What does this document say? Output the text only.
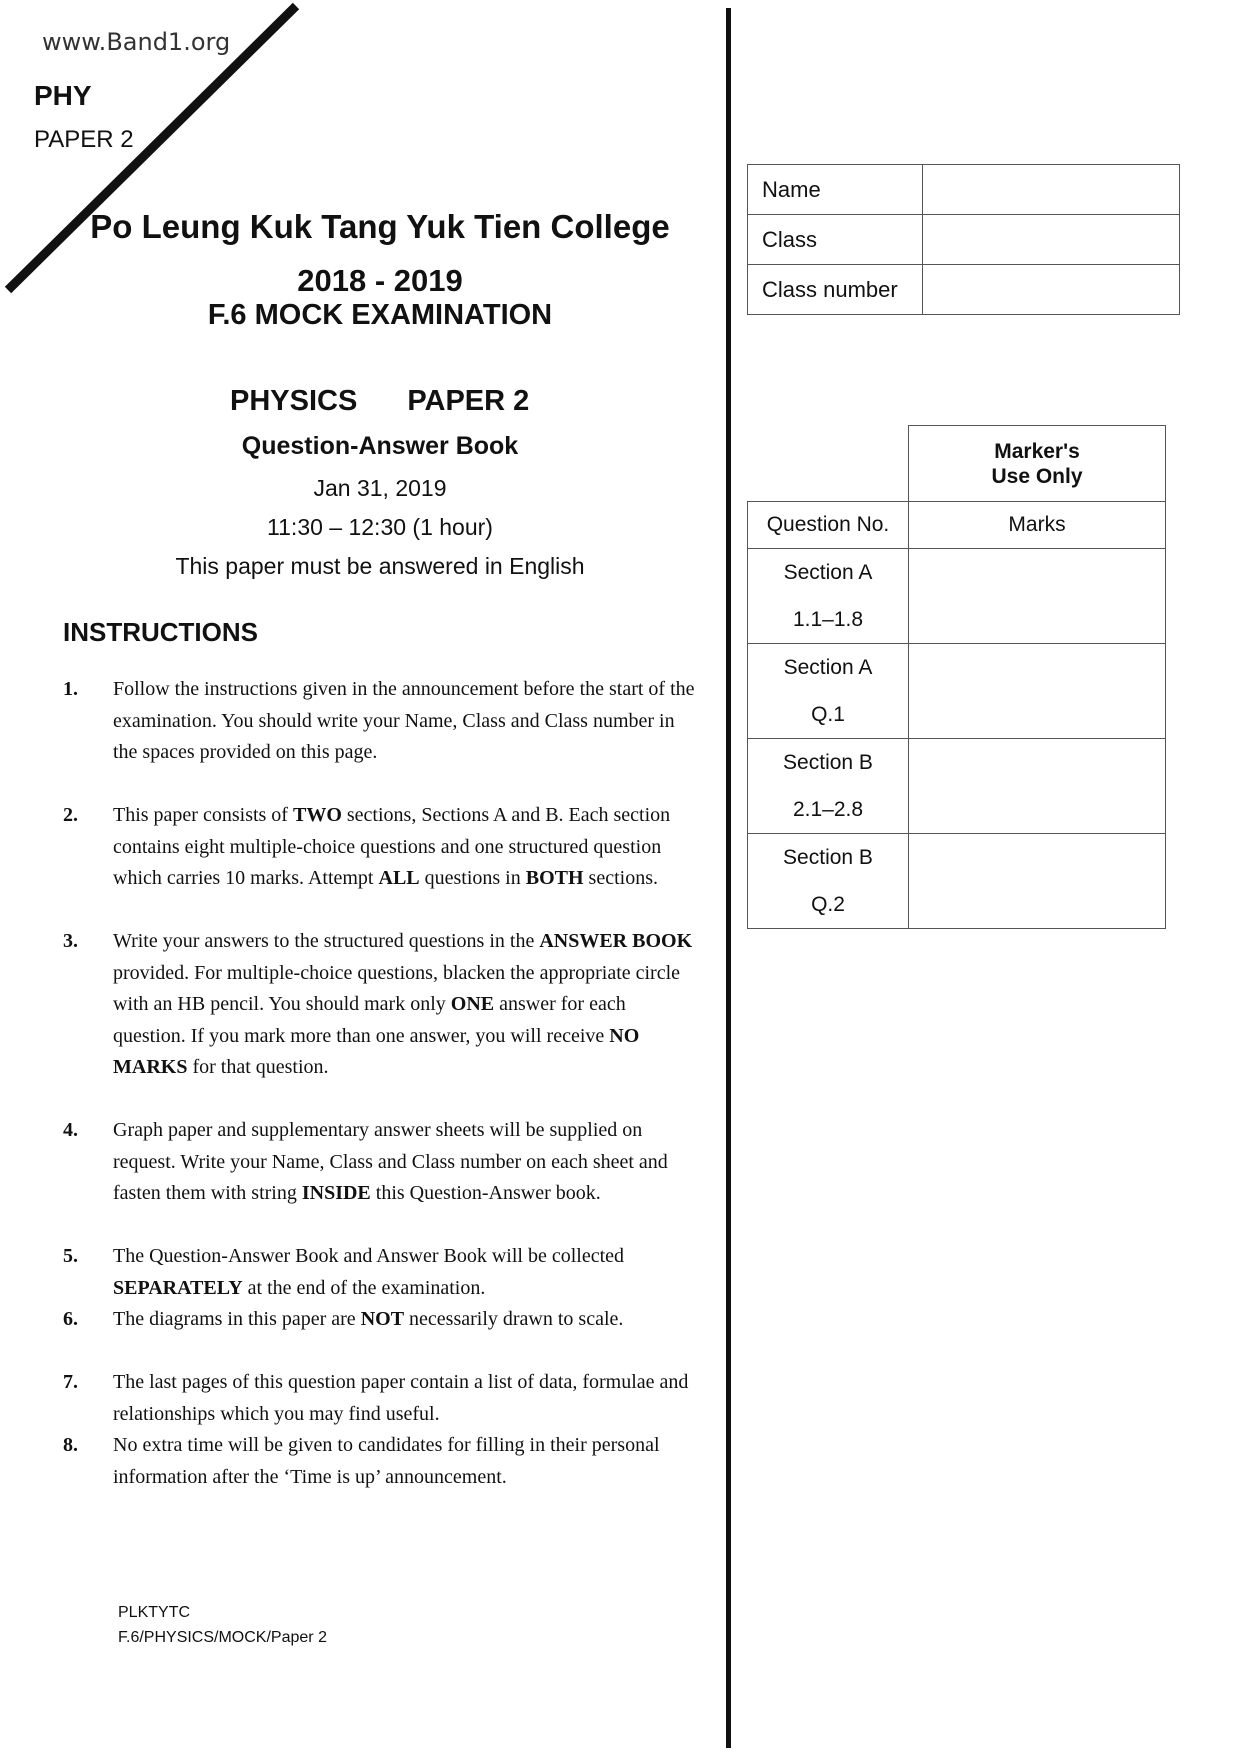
www.Band1.org
PHY
PAPER 2
Po Leung Kuk Tang Yuk Tien College
2018 - 2019
F.6 MOCK EXAMINATION
PHYSICS PAPER 2
Question-Answer Book
Jan 31, 2019
11:30 – 12:30 (1 hour)
This paper must be answered in English
INSTRUCTIONS
1. Follow the instructions given in the announcement before the start of the examination. You should write your Name, Class and Class number in the spaces provided on this page.
2. This paper consists of TWO sections, Sections A and B. Each section contains eight multiple-choice questions and one structured question which carries 10 marks. Attempt ALL questions in BOTH sections.
3. Write your answers to the structured questions in the ANSWER BOOK provided. For multiple-choice questions, blacken the appropriate circle with an HB pencil. You should mark only ONE answer for each question. If you mark more than one answer, you will receive NO MARKS for that question.
4. Graph paper and supplementary answer sheets will be supplied on request. Write your Name, Class and Class number on each sheet and fasten them with string INSIDE this Question-Answer book.
5. The Question-Answer Book and Answer Book will be collected SEPARATELY at the end of the examination.
6. The diagrams in this paper are NOT necessarily drawn to scale.
7. The last pages of this question paper contain a list of data, formulae and relationships which you may find useful.
8. No extra time will be given to candidates for filling in their personal information after the ‘Time is up’ announcement.
Name	
Class	
Class number	
	Marker's
Use Only
Question No.	Marks

Section A
1.1–1.8	

Section A
Q.1	

Section B
2.1–2.8	

Section B
Q.2	

PLKTYTC
F.6/PHYSICS/MOCK/Paper 2
